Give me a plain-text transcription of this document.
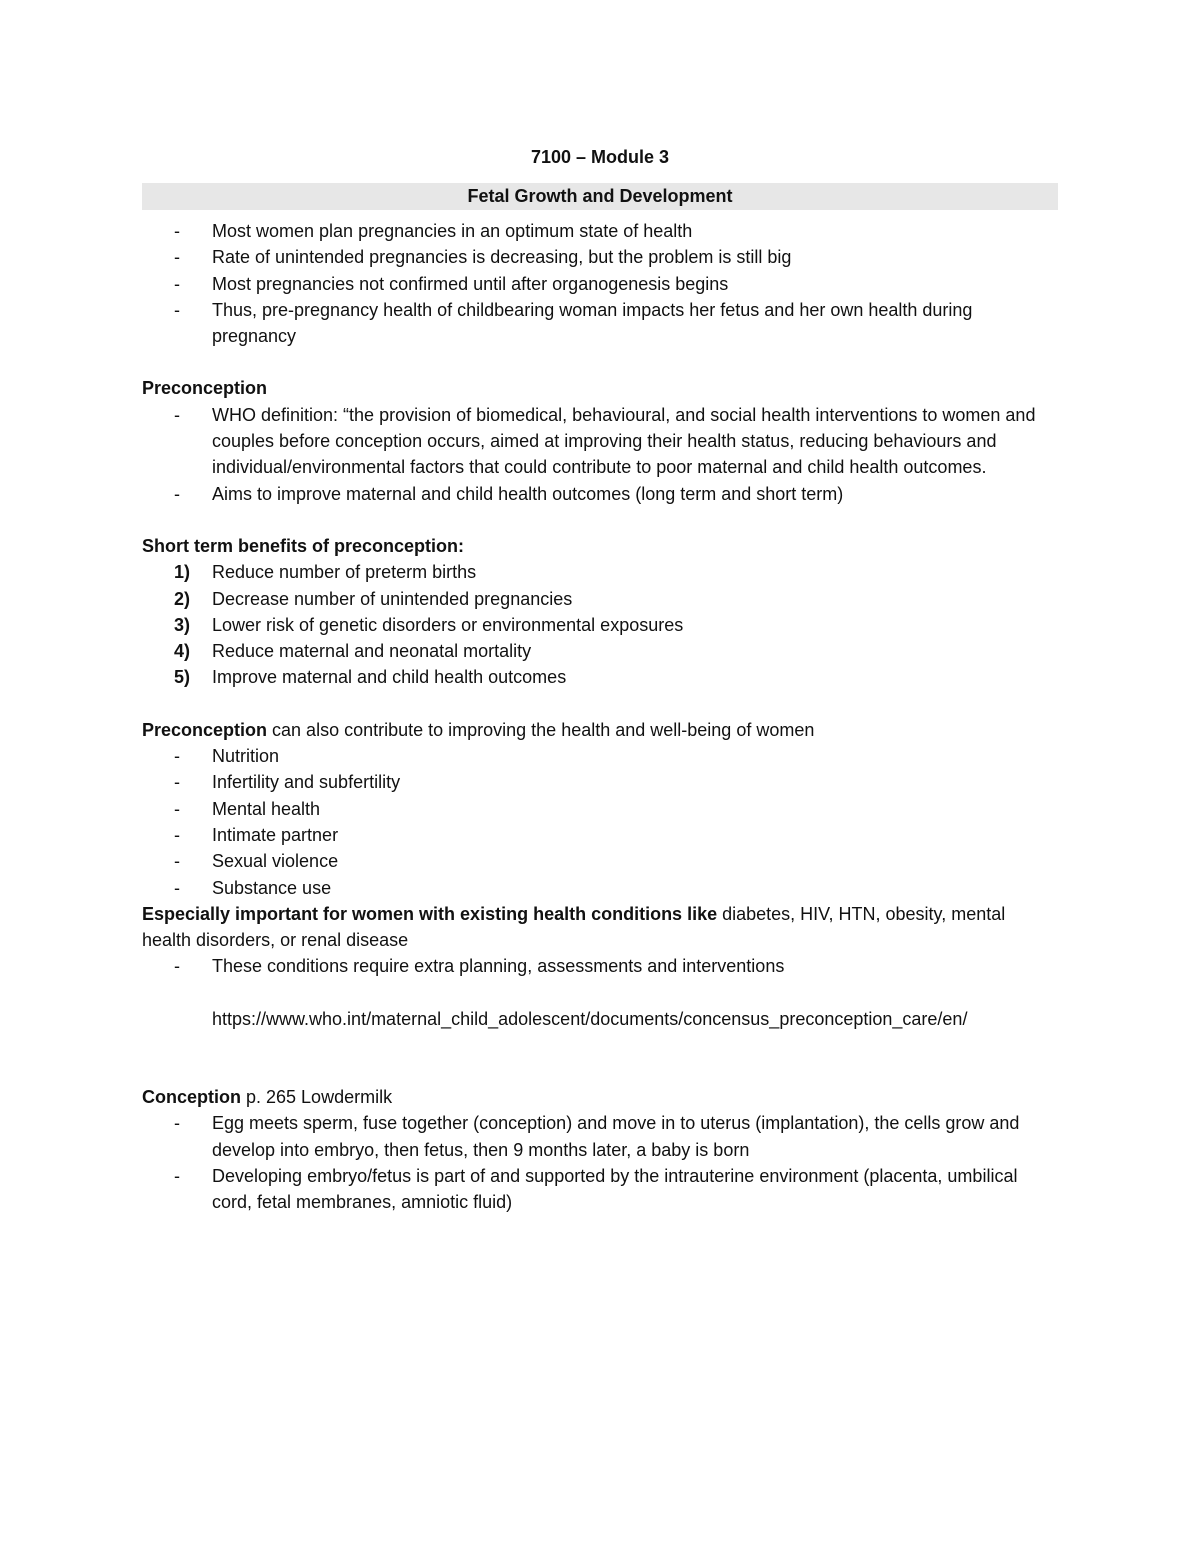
7100 – Module 3
Fetal Growth and Development
-	Most women plan pregnancies in an optimum state of health
-	Rate of unintended pregnancies is decreasing, but the problem is still big
-	Most pregnancies not confirmed until after organogenesis begins
-	Thus, pre-pregnancy health of childbearing woman impacts her fetus and her own health during pregnancy
Preconception
-	WHO definition: “the provision of biomedical, behavioural, and social health interventions to women and couples before conception occurs, aimed at improving their health status, reducing behaviours and individual/environmental factors that could contribute to poor maternal and child health outcomes.
-	Aims to improve maternal and child health outcomes (long term and short term)
Short term benefits of preconception:
1)	Reduce number of preterm births
2)	Decrease number of unintended pregnancies
3)	Lower risk of genetic disorders or environmental exposures
4)	Reduce maternal and neonatal mortality
5)	Improve maternal and child health outcomes
Preconception can also contribute to improving the health and well-being of women
-	Nutrition
-	Infertility and subfertility
-	Mental health
-	Intimate partner
-	Sexual violence
-	Substance use
Especially important for women with existing health conditions like diabetes, HIV, HTN, obesity, mental health disorders, or renal disease
-	These conditions require extra planning, assessments and interventions
https://www.who.int/maternal_child_adolescent/documents/concensus_preconception_care/en/
Conception p. 265 Lowdermilk
-	Egg meets sperm, fuse together (conception) and move in to uterus (implantation), the cells grow and develop into embryo, then fetus, then 9 months later, a baby is born
-	Developing embryo/fetus is part of and supported by the intrauterine environment (placenta, umbilical cord, fetal membranes, amniotic fluid)
